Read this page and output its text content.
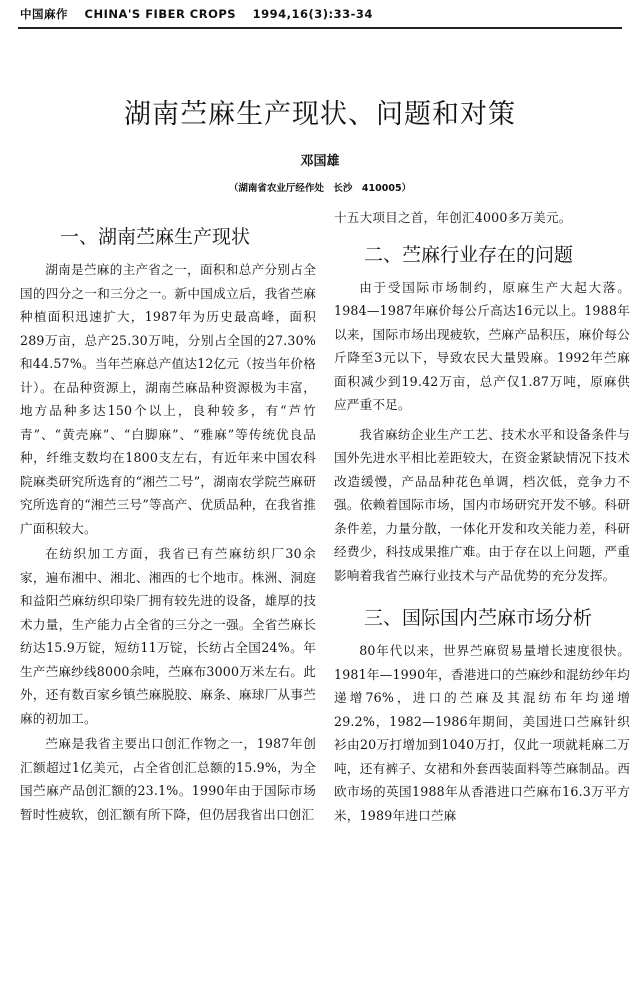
中国麻作 CHINA'S FIBER CROPS 1994,16(3):33-34
湖南苎麻生产现状、问题和对策
邓国雄
（湖南省农业厅经作处　长沙　410005）
一、湖南苎麻生产现状

湖南是苎麻的主产省之一，面积和总产分别占全国的四分之一和三分之一。新中国成立后，我省苎麻种植面积迅速扩大，1987年为历史最高峰，面积289万亩，总产25.30万吨，分别占全国的27.30%和44.57%。当年苎麻总产值达12亿元（按当年价格计）。在品种资源上，湖南苎麻品种资源极为丰富，地方品种多达150个以上，良种较多，有“芦竹青”、“黄壳麻”、“白脚麻”、“雅麻”等传统优良品种，纤维支数均在1800支左右，有近年来中国农科院麻类研究所选育的“湘苎二号”，湖南农学院苎麻研究所选育的“湘苎三号”等高产、优质品种，在我省推广面积较大。

在纺织加工方面，我省已有苎麻纺织厂30余家，遍布湘中、湘北、湘西的七个地市。株洲、洞庭和益阳苎麻纺织印染厂拥有较先进的设备，雄厚的技术力量，生产能力占全省的三分之一强。全省苎麻长纺达15.9万锭，短纺11万锭，长纺占全国24%。年生产苎麻纱线8000余吨，苎麻布3000万米左右。此外，还有数百家乡镇苎麻脱胶、麻条、麻球厂从事苎麻的初加工。

苎麻是我省主要出口创汇作物之一，1987年创汇额超过1亿美元，占全省创汇总额的15.9%，为全国苎麻产品创汇额的23.1%。1990年由于国际市场暂时性疲软，创汇额有所下降，但仍居我省出口创汇

十五大项目之首，年创汇4000多万美元。

二、苎麻行业存在的问题

由于受国际市场制约，原麻生产大起大落。1984—1987年麻价每公斤高达16元以上。1988年以来，国际市场出现疲软，苎麻产品积压，麻价每公斤降至3元以下，导致农民大量毁麻。1992年苎麻面积减少到19.42万亩，总产仅1.87万吨，原麻供应严重不足。

我省麻纺企业生产工艺、技术水平和设备条件与国外先进水平相比差距较大，在资金紧缺情况下技术改造缓慢，产品品种花色单调，档次低，竞争力不强。依赖着国际市场，国内市场研究开发不够。科研条件差，力量分散，一体化开发和攻关能力差，科研经费少，科技成果推广难。由于存在以上问题，严重影响着我省苎麻行业技术与产品优势的充分发挥。

三、国际国内苎麻市场分析

80年代以来，世界苎麻贸易量增长速度很快。1981年—1990年，香港进口的苎麻纱和混纺纱年均递增76%，进口的苎麻及其混纺布年均递增29.2%，1982—1986年期间，美国进口苎麻针织衫由20万打增加到1040万打，仅此一项就耗麻二万吨，还有裤子、女裙和外套西装面料等苎麻制品。西欧市场的英国1988年从香港进口苎麻布16.3万平方米，1989年进口苎麻
